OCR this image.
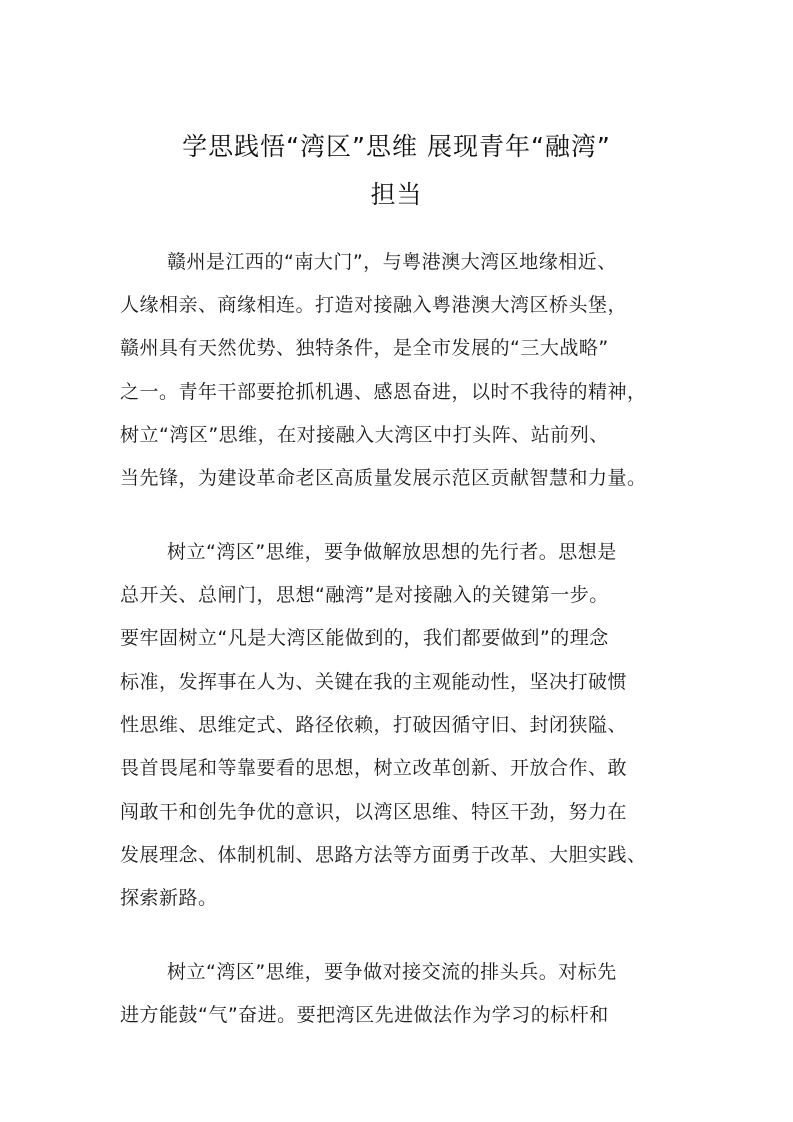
学思践悟“湾区”思维 展现青年“融湾”
担当
赣州是江西的“南大门”，与粤港澳大湾区地缘相近、
人缘相亲、商缘相连。打造对接融入粤港澳大湾区桥头堡，
赣州具有天然优势、独特条件，是全市发展的“三大战略”
之一。青年干部要抢抓机遇、感恩奋进，以时不我待的精神，
树立“湾区”思维，在对接融入大湾区中打头阵、站前列、
当先锋，为建设革命老区高质量发展示范区贡献智慧和力量。
树立“湾区”思维，要争做解放思想的先行者。思想是
总开关、总闸门，思想“融湾”是对接融入的关键第一步。
要牢固树立“凡是大湾区能做到的，我们都要做到”的理念
标准，发挥事在人为、关键在我的主观能动性，坚决打破惯
性思维、思维定式、路径依赖，打破因循守旧、封闭狭隘、
畏首畏尾和等靠要看的思想，树立改革创新、开放合作、敢
闯敢干和创先争优的意识，以湾区思维、特区干劲，努力在
发展理念、体制机制、思路方法等方面勇于改革、大胆实践、
探索新路。
树立“湾区”思维，要争做对接交流的排头兵。对标先
进方能鼓“气”奋进。要把湾区先进做法作为学习的标杆和
